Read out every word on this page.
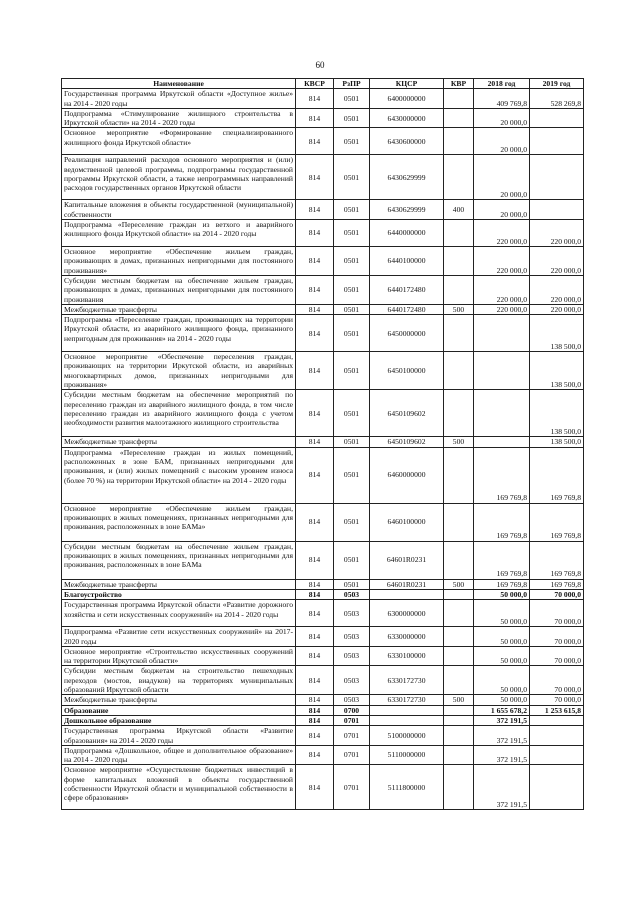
60
Наименование	КВСР	РзПР	КЦСР	КВР	2018 год	2019 год
Государственная программа Иркутской области «Доступное жилье» на 2014 - 2020 годы	814	0501	6400000000		409 769,8	528 269,8
Подпрограмма «Стимулирование жилищного строительства в Иркутской области» на 2014 - 2020 годы	814	0501	6430000000		20 000,0	
Основное мероприятие «Формирование специализированного жилищного фонда Иркутской области»	814	0501	6430600000		20 000,0	
Реализация направлений расходов основного мероприятия и (или) ведомственной целевой программы, подпрограммы государственной программы Иркутской области, а также непрограммных направлений расходов государственных органов Иркутской области	814	0501	6430629999		20 000,0	
Капитальные вложения в объекты государственной (муниципальной) собственности	814	0501	6430629999	400	20 000,0	
Подпрограмма «Переселение граждан из ветхого и аварийного жилищного фонда Иркутской области» на 2014 - 2020 годы	814	0501	6440000000		220 000,0	220 000,0
Основное мероприятие «Обеспечение жильем граждан, проживающих в домах, признанных непригодными для постоянного проживания»	814	0501	6440100000		220 000,0	220 000,0
Субсидии местным бюджетам на обеспечение жильем граждан, проживающих в домах, признанных непригодными для постоянного проживания	814	0501	6440172480		220 000,0	220 000,0
Межбюджетные трансферты	814	0501	6440172480	500	220 000,0	220 000,0
Подпрограмма «Переселение граждан, проживающих на территории Иркутской области, из аварийного жилищного фонда, признанного непригодным для проживания» на 2014 - 2020 годы	814	0501	6450000000			138 500,0
Основное мероприятие «Обеспечение переселения граждан, проживающих на территории Иркутской области, из аварийных многоквартирных домов, признанных непригодными для проживания»	814	0501	6450100000			138 500,0
Субсидии местным бюджетам на обеспечение мероприятий по переселению граждан из аварийного жилищного фонда, в том числе переселению граждан из аварийного жилищного фонда с учетом необходимости развития малоэтажного жилищного строительства	814	0501	6450109602			138 500,0
Межбюджетные трансферты	814	0501	6450109602	500		138 500,0
Подпрограмма «Переселение граждан из жилых помещений, расположенных в зоне БАМ, признанных непригодными для проживания, и (или) жилых помещений с высоким уровнем износа (более 70 %) на территории Иркутской области» на 2014 - 2020 годы	814	0501	6460000000		169 769,8	169 769,8
Основное мероприятие «Обеспечение жильем граждан, проживающих в жилых помещениях, признанных непригодными для проживания, расположенных в зоне БАМа»	814	0501	6460100000		169 769,8	169 769,8
Субсидии местным бюджетам на обеспечение жильем граждан, проживающих в жилых помещениях, признанных непригодными для проживания, расположенных в зоне БАМа	814	0501	64601R0231		169 769,8	169 769,8
Межбюджетные трансферты	814	0501	64601R0231	500	169 769,8	169 769,8
Благоустройство	814	0503			50 000,0	70 000,0
Государственная программа Иркутской области «Развитие дорожного хозяйства и сети искусственных сооружений» на 2014 - 2020 годы	814	0503	6300000000		50 000,0	70 000,0
Подпрограмма «Развитие сети искусственных сооружений» на 2017-2020 годы	814	0503	6330000000		50 000,0	70 000,0
Основное мероприятие «Строительство искусственных сооружений на территории Иркутской области»	814	0503	6330100000		50 000,0	70 000,0
Субсидии местным бюджетам на строительство пешеходных переходов (мостов, виадуков) на территориях муниципальных образований Иркутской области	814	0503	6330172730		50 000,0	70 000,0
Межбюджетные трансферты	814	0503	6330172730	500	50 000,0	70 000,0
Образование	814	0700			1 655 678,2	1 253 615,8
Дошкольное образование	814	0701			372 191,5	
Государственная программа Иркутской области «Развитие образования» на 2014 - 2020 годы	814	0701	5100000000		372 191,5	
Подпрограмма «Дошкольное, общее и дополнительное образование» на 2014 - 2020 годы	814	0701	5110000000		372 191,5	
Основное мероприятие «Осуществление бюджетных инвестиций в форме капитальных вложений в объекты государственной собственности Иркутской области и муниципальной собственности в сфере образования»	814	0701	5111800000		372 191,5	
